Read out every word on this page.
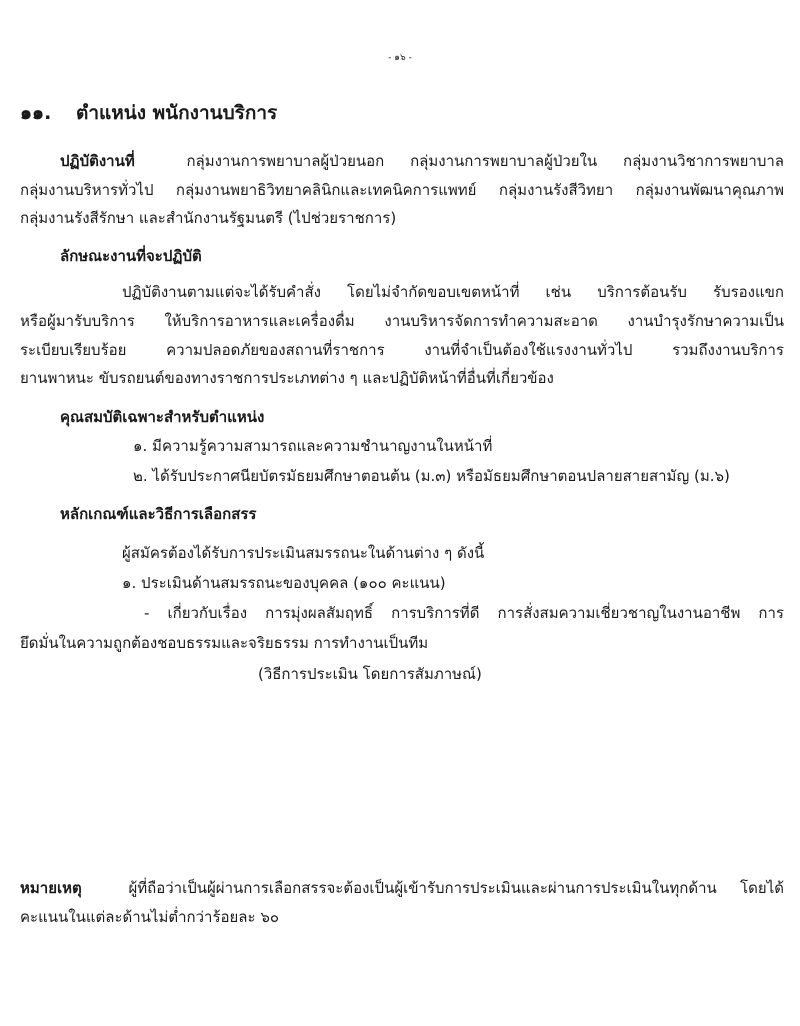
- ๑๖ -
๑๑. ตำแหน่ง พนักงานบริการ
ปฏิบัติงานที่	กลุ่มงานการพยาบาลผู้ป่วยนอก กลุ่มงานการพยาบาลผู้ป่วยใน กลุ่มงานวิชาการพยาบาล
กลุ่มงานบริหารทั่วไป กลุ่มงานพยาธิวิทยาคลินิกและเทคนิคการแพทย์ กลุ่มงานรังสีวิทยา กลุ่มงานพัฒนาคุณภาพ
กลุ่มงานรังสีรักษา และสำนักงานรัฐมนตรี (ไปช่วยราชการ)
ลักษณะงานที่จะปฏิบัติ
ปฏิบัติงานตามแต่จะได้รับคำสั่ง โดยไม่จำกัดขอบเขตหน้าที่ เช่น บริการต้อนรับ รับรองแขก
หรือผู้มารับบริการ ให้บริการอาหารและเครื่องดื่ม งานบริหารจัดการทำความสะอาด งานบำรุงรักษาความเป็น
ระเบียบเรียบร้อย ความปลอดภัยของสถานที่ราชการ งานที่จำเป็นต้องใช้แรงงานทั่วไป รวมถึงงานบริการ
ยานพาหนะ ขับรถยนต์ของทางราชการประเภทต่าง ๆ และปฏิบัติหน้าที่อื่นที่เกี่ยวข้อง
คุณสมบัติเฉพาะสำหรับตำแหน่ง
๑. มีความรู้ความสามารถและความชำนาญงานในหน้าที่
๒. ได้รับประกาศนียบัตรมัธยมศึกษาตอนต้น (ม.๓) หรือมัธยมศึกษาตอนปลายสายสามัญ (ม.๖)
หลักเกณฑ์และวิธีการเลือกสรร
ผู้สมัครต้องได้รับการประเมินสมรรถนะในด้านต่าง ๆ ดังนี้
๑. ประเมินด้านสมรรถนะของบุคคล (๑๐๐ คะแนน)
- เกี่ยวกับเรื่อง การมุ่งผลสัมฤทธิ์ การบริการที่ดี การสั่งสมความเชี่ยวชาญในงานอาชีพ การ
ยึดมั่นในความถูกต้องชอบธรรมและจริยธรรม การทำงานเป็นทีม
(วิธีการประเมิน โดยการสัมภาษณ์)
หมายเหตุ	ผู้ที่ถือว่าเป็นผู้ผ่านการเลือกสรรจะต้องเป็นผู้เข้ารับการประเมินและผ่านการประเมินในทุกด้าน โดยได้
คะแนนในแต่ละด้านไม่ต่ำกว่าร้อยละ ๖๐
